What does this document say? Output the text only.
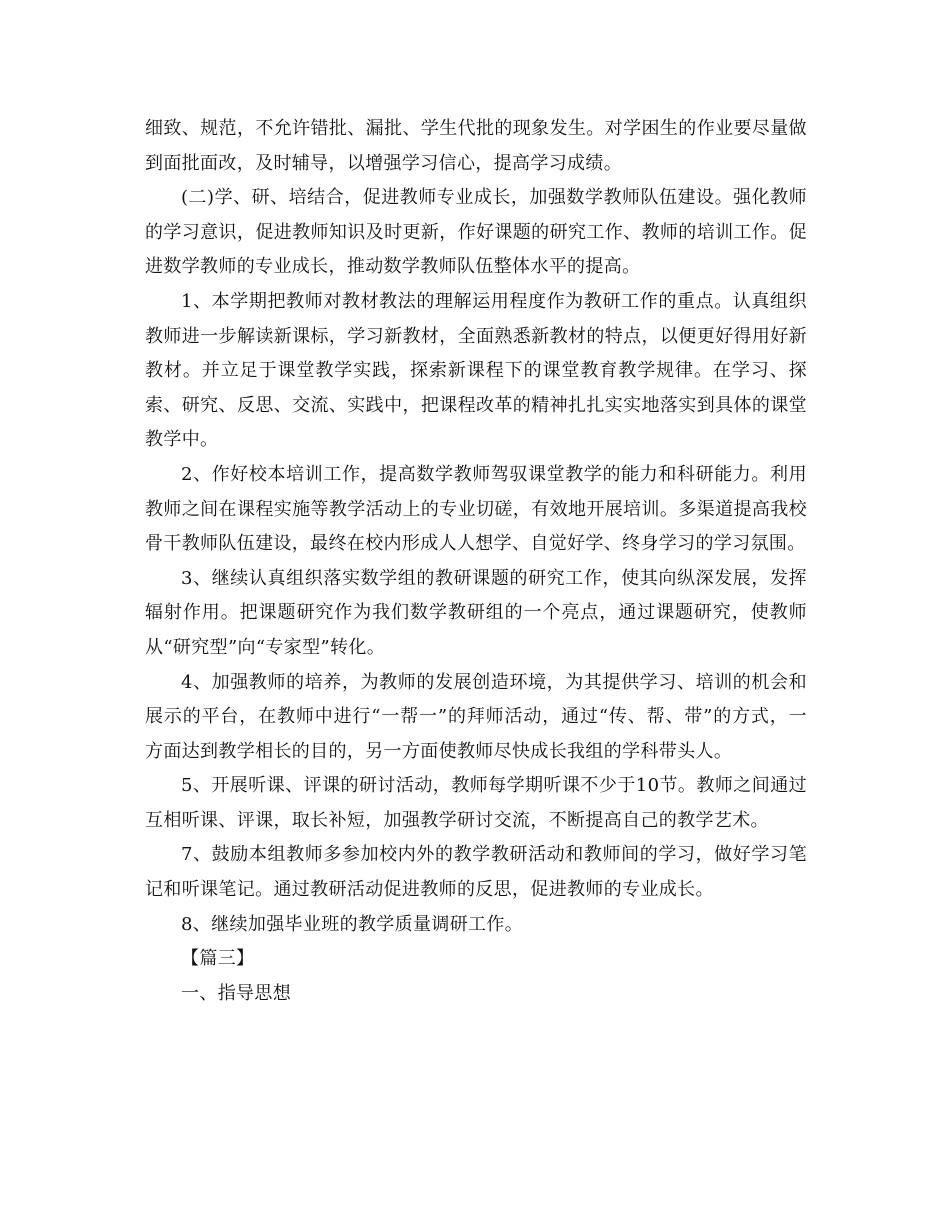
细致、规范，不允许错批、漏批、学生代批的现象发生。对学困生的作业要尽量做到面批面改，及时辅导，以增强学习信心，提高学习成绩。

(二)学、研、培结合，促进教师专业成长，加强数学教师队伍建设。强化教师的学习意识，促进教师知识及时更新，作好课题的研究工作、教师的培训工作。促进数学教师的专业成长，推动数学教师队伍整体水平的提高。

1、本学期把教师对教材教法的理解运用程度作为教研工作的重点。认真组织教师进一步解读新课标，学习新教材，全面熟悉新教材的特点，以便更好得用好新教材。并立足于课堂教学实践，探索新课程下的课堂教育教学规律。在学习、探索、研究、反思、交流、实践中，把课程改革的精神扎扎实实地落实到具体的课堂教学中。

2、作好校本培训工作，提高数学教师驾驭课堂教学的能力和科研能力。利用教师之间在课程实施等教学活动上的专业切磋，有效地开展培训。多渠道提高我校骨干教师队伍建设，最终在校内形成人人想学、自觉好学、终身学习的学习氛围。

3、继续认真组织落实数学组的教研课题的研究工作，使其向纵深发展，发挥辐射作用。把课题研究作为我们数学教研组的一个亮点，通过课题研究，使教师从“研究型”向“专家型”转化。

4、加强教师的培养，为教师的发展创造环境，为其提供学习、培训的机会和展示的平台，在教师中进行“一帮一”的拜师活动，通过“传、帮、带”的方式，一方面达到教学相长的目的，另一方面使教师尽快成长我组的学科带头人。

5、开展听课、评课的研讨活动，教师每学期听课不少于10节。教师之间通过互相听课、评课，取长补短，加强教学研讨交流，不断提高自己的教学艺术。

7、鼓励本组教师多参加校内外的教学教研活动和教师间的学习，做好学习笔记和听课笔记。通过教研活动促进教师的反思，促进教师的专业成长。

8、继续加强毕业班的教学质量调研工作。

【篇三】

一、指导思想
